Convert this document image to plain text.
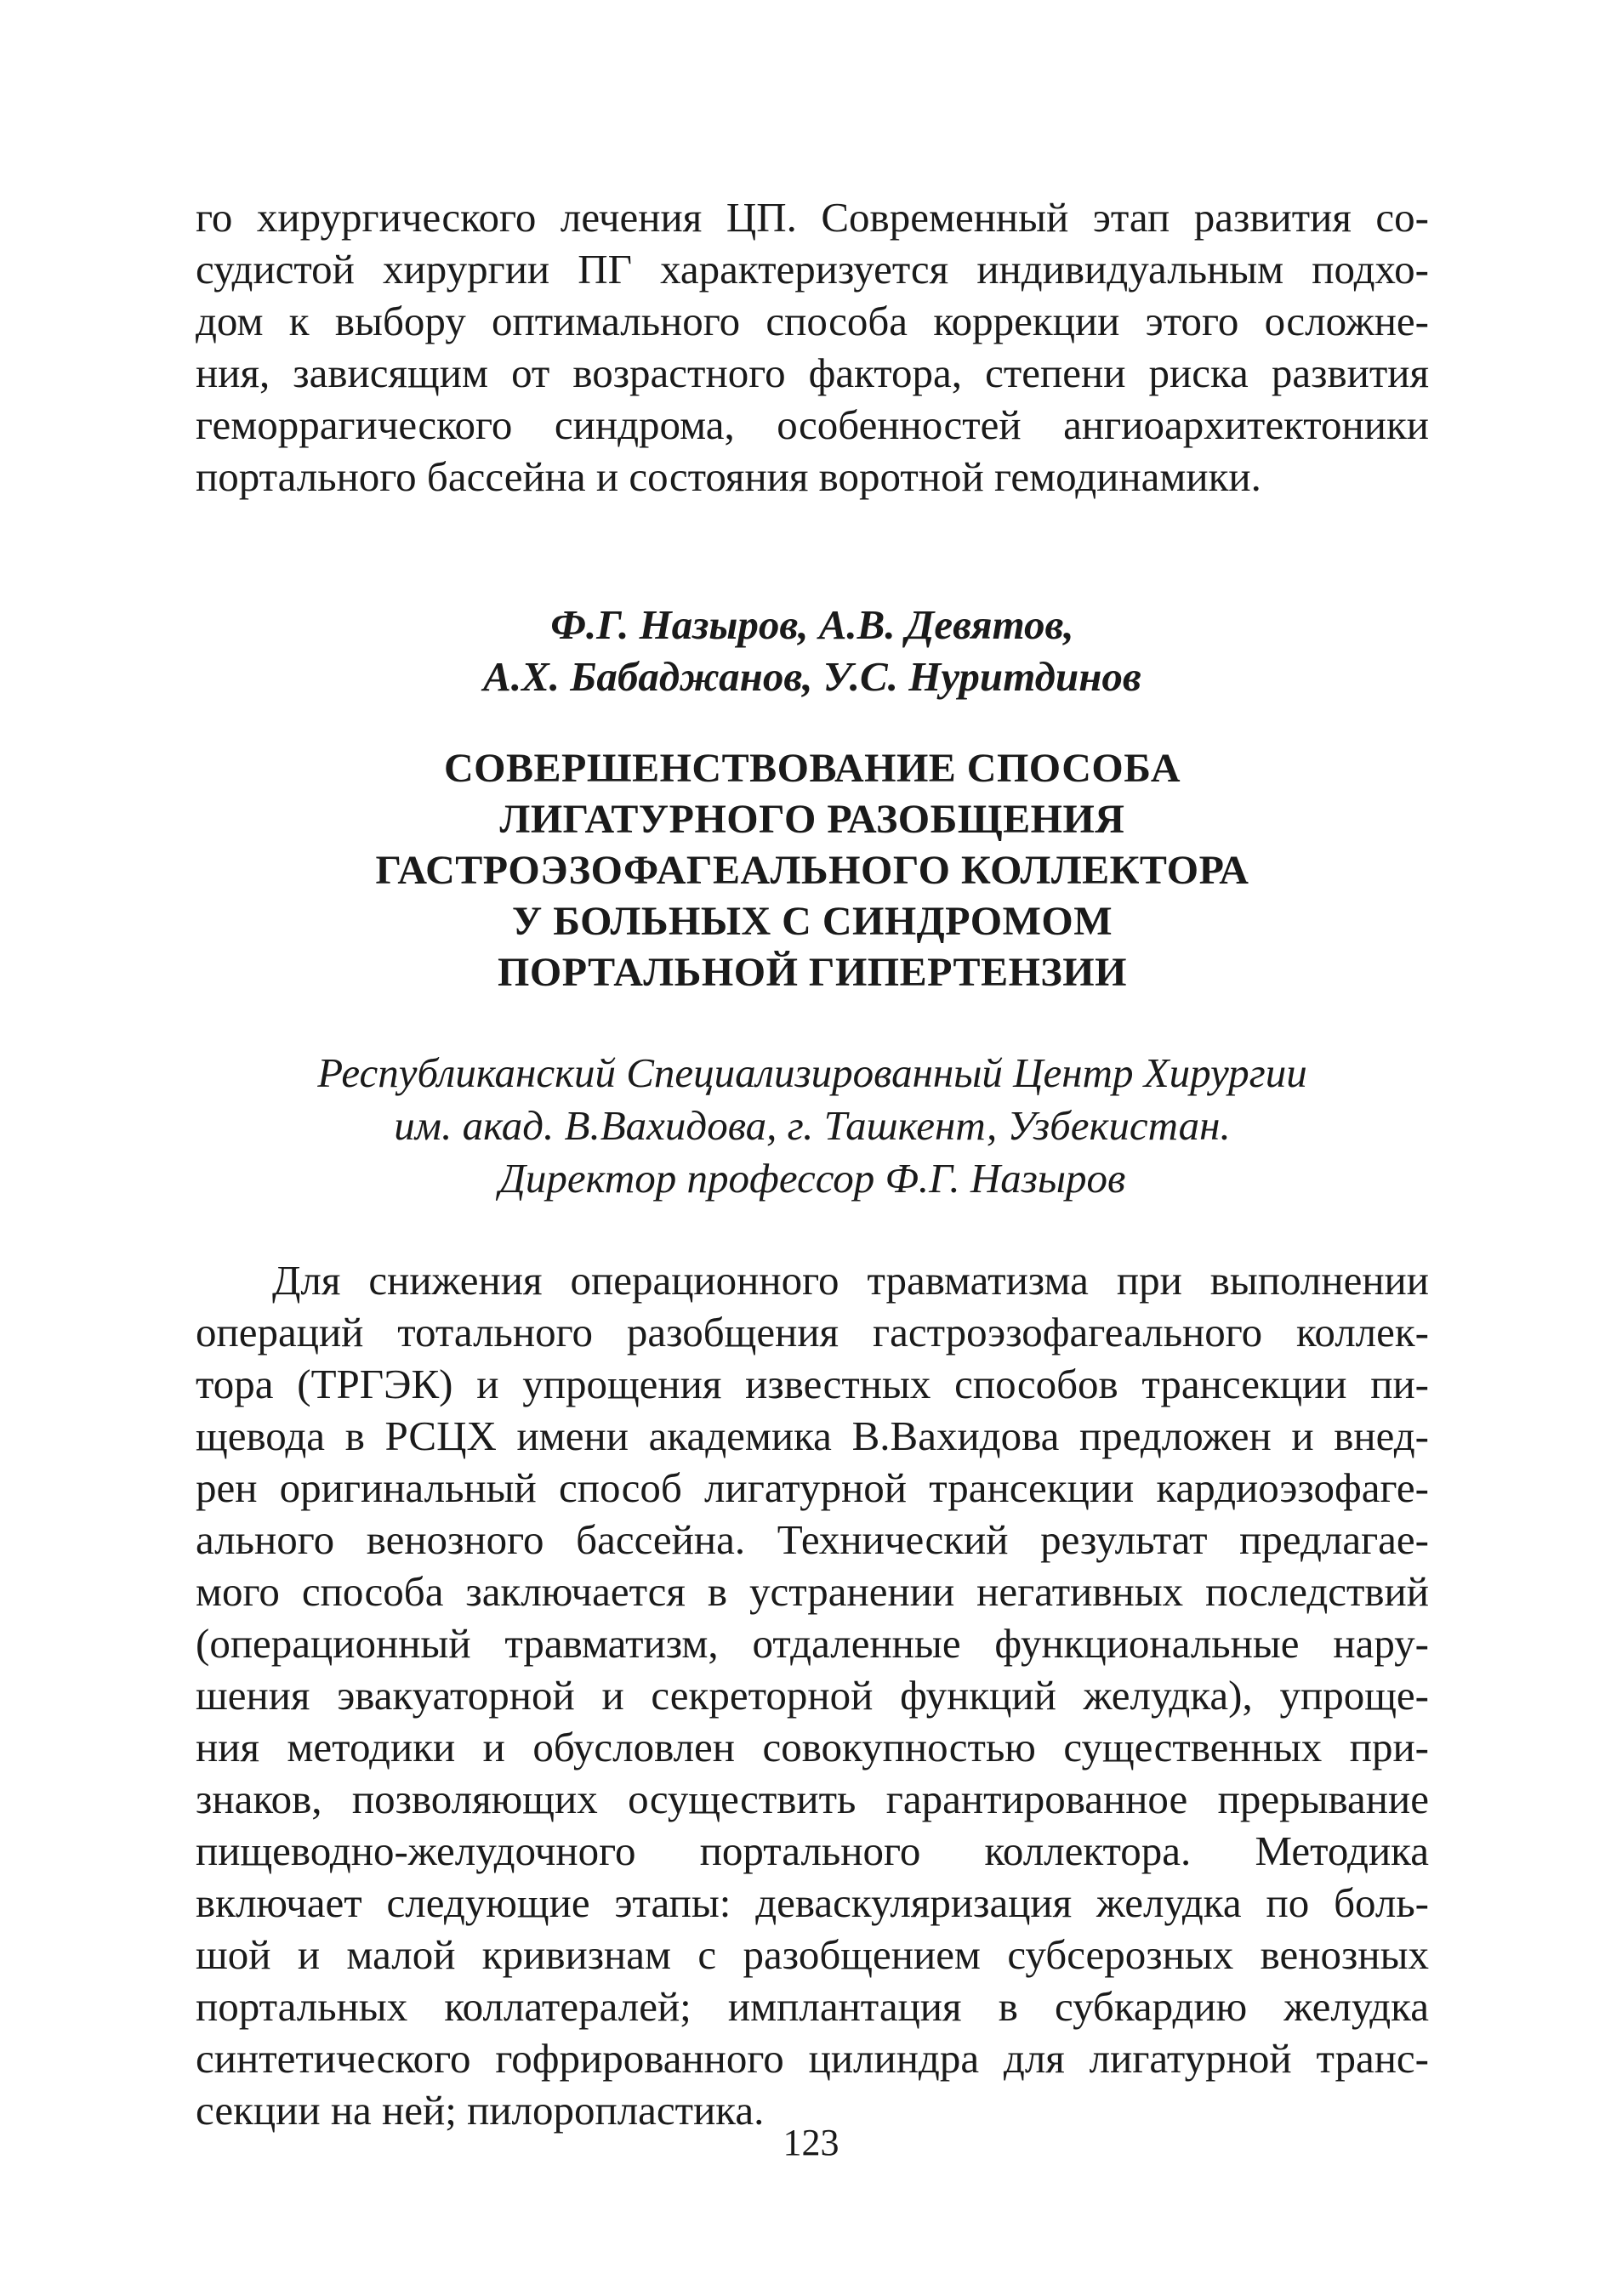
го хирургического лечения ЦП. Современный этап развития со-
судистой хирургии ПГ характеризуется индивидуальным подхо-
дом к выбору оптимального способа коррекции этого осложне-
ния, зависящим от возрастного фактора, степени риска развития
геморрагического синдрома, особенностей ангиоархитектоники
портального бассейна и состояния воротной гемодинамики.
Ф.Г. Назыров, А.В. Девятов,
А.Х. Бабаджанов, У.С. Нуритдинов
СОВЕРШЕНСТВОВАНИЕ СПОСОБА
ЛИГАТУРНОГО РАЗОБЩЕНИЯ
ГАСТРОЭЗОФАГЕАЛЬНОГО КОЛЛЕКТОРА
У БОЛЬНЫХ С СИНДРОМОМ
ПОРТАЛЬНОЙ ГИПЕРТЕНЗИИ
Республиканский Специализированный Центр Хирургии
им. акад. В.Вахидова, г. Ташкент, Узбекистан.
Директор профессор Ф.Г. Назыров
Для снижения операционного травматизма при выполнении
операций тотального разобщения гастроэзофагеального коллек-
тора (ТРГЭК) и упрощения известных способов трансекции пи-
щевода в РСЦХ имени академика В.Вахидова предложен и внед-
рен оригинальный способ лигатурной трансекции кардиоэзофаге-
ального венозного бассейна. Технический результат предлагае-
мого способа заключается в устранении негативных последствий
(операционный травматизм, отдаленные функциональные нару-
шения эвакуаторной и секреторной функций желудка), упроще-
ния методики и обусловлен совокупностью существенных при-
знаков, позволяющих осуществить гарантированное прерывание
пищеводно-желудочного портального коллектора. Методика
включает следующие этапы: деваскуляризация желудка по боль-
шой и малой кривизнам с разобщением субсерозных венозных
портальных коллатералей; имплантация в субкардию желудка
синтетического гофрированного цилиндра для лигатурной транс-
секции на ней; пилоропластика.
123
